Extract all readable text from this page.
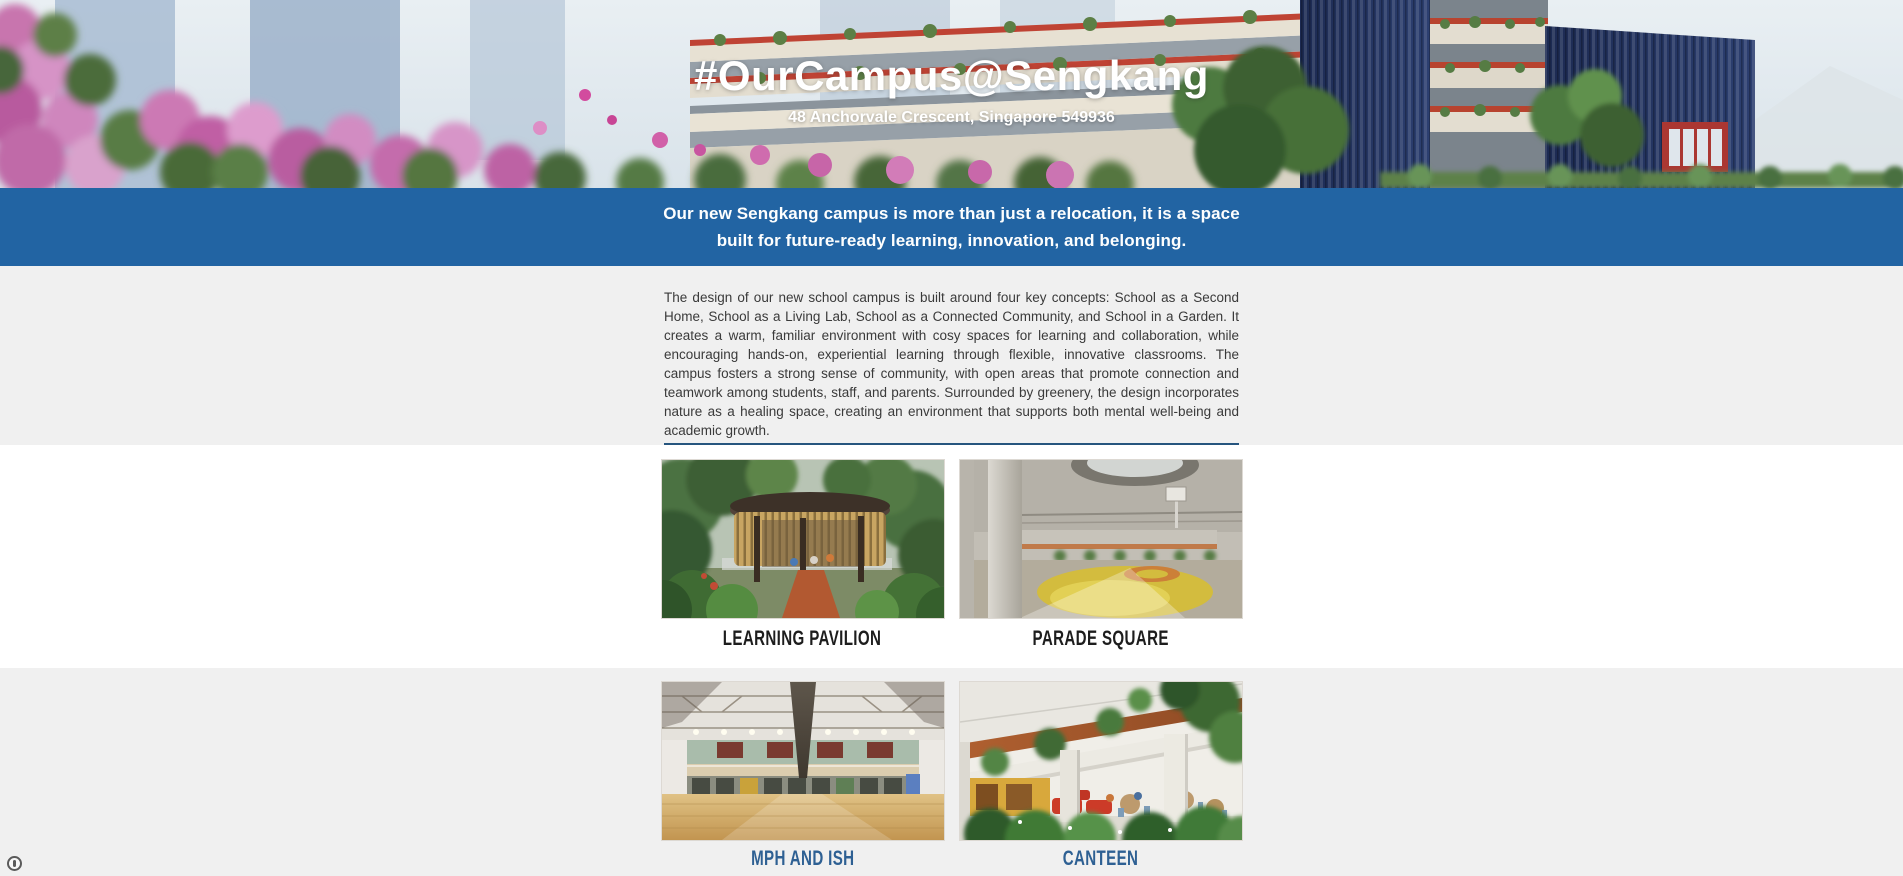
#OurCampus@Sengkang
48 Anchorvale Crescent, Singapore 549936
Our new Sengkang campus is more than just a relocation, it is a space
built for future-ready learning, innovation, and belonging.

The design of our new school campus is built around four key concepts: School as a Second Home, School as a Living Lab, School as a Connected Community, and School in a Garden. It creates a warm, familiar environment with cosy spaces for learning and collaboration, while encouraging hands-on, experiential learning through flexible, innovative classrooms. The campus fosters a strong sense of community, with open areas that promote connection and teamwork among students, staff, and parents. Surrounded by greenery, the design incorporates nature as a healing space, creating an environment that supports both mental well-being and academic growth.

LEARNING PAVILION	PARADE SQUARE
MPH AND ISH	CANTEEN
